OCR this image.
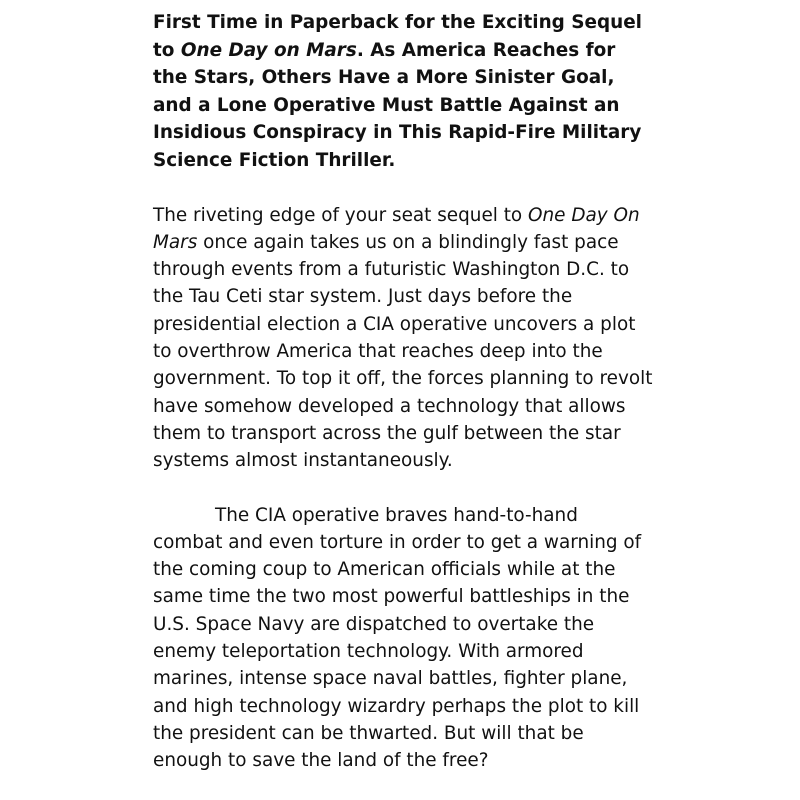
First Time in Paperback for the Exciting Sequel to One Day on Mars. As America Reaches for the Stars, Others Have a More Sinister Goal, and a Lone Operative Must Battle Against an Insidious Conspiracy in This Rapid-Fire Military Science Fiction Thriller.

The riveting edge of your seat sequel to One Day On Mars once again takes us on a blindingly fast pace through events from a futuristic Washington D.C. to the Tau Ceti star system. Just days before the presidential election a CIA operative uncovers a plot to overthrow America that reaches deep into the government. To top it off, the forces planning to revolt have somehow developed a technology that allows them to transport across the gulf between the star systems almost instantaneously.

The CIA operative braves hand-to-hand combat and even torture in order to get a warning of the coming coup to American officials while at the same time the two most powerful battleships in the U.S. Space Navy are dispatched to overtake the enemy teleportation technology. With armored marines, intense space naval battles, fighter plane, and high technology wizardry perhaps the plot to kill the president can be thwarted. But will that be enough to save the land of the free?
